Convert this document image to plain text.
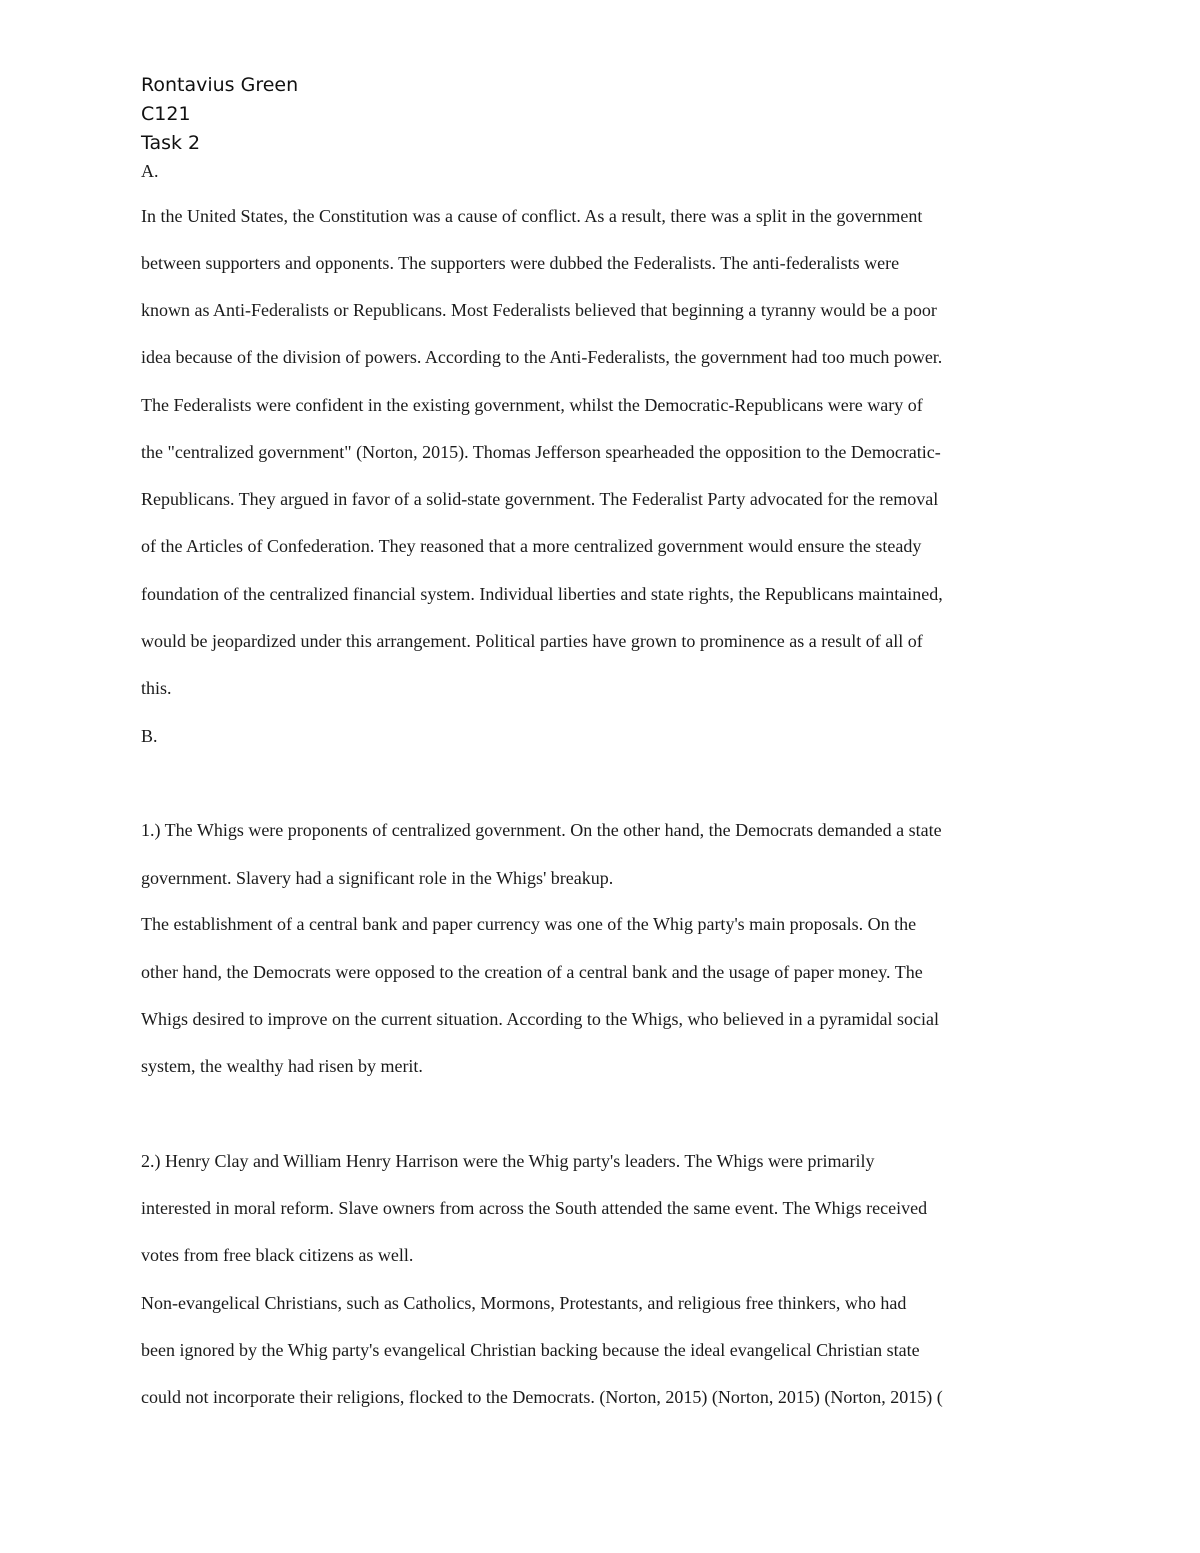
Rontavius Green
C121
Task 2
A.
In the United States, the Constitution was a cause of conflict. As a result, there was a split in the government
between supporters and opponents. The supporters were dubbed the Federalists. The anti-federalists were
known as Anti-Federalists or Republicans. Most Federalists believed that beginning a tyranny would be a poor
idea because of the division of powers. According to the Anti-Federalists, the government had too much power.
The Federalists were confident in the existing government, whilst the Democratic-Republicans were wary of
the "centralized government" (Norton, 2015). Thomas Jefferson spearheaded the opposition to the Democratic-
Republicans. They argued in favor of a solid-state government. The Federalist Party advocated for the removal
of the Articles of Confederation. They reasoned that a more centralized government would ensure the steady
foundation of the centralized financial system. Individual liberties and state rights, the Republicans maintained,
would be jeopardized under this arrangement. Political parties have grown to prominence as a result of all of
this.
B.
1.) The Whigs were proponents of centralized government. On the other hand, the Democrats demanded a state
government. Slavery had a significant role in the Whigs' breakup.
The establishment of a central bank and paper currency was one of the Whig party's main proposals. On the
other hand, the Democrats were opposed to the creation of a central bank and the usage of paper money. The
Whigs desired to improve on the current situation. According to the Whigs, who believed in a pyramidal social
system, the wealthy had risen by merit.
2.) Henry Clay and William Henry Harrison were the Whig party's leaders. The Whigs were primarily
interested in moral reform. Slave owners from across the South attended the same event. The Whigs received
votes from free black citizens as well.
Non-evangelical Christians, such as Catholics, Mormons, Protestants, and religious free thinkers, who had
been ignored by the Whig party's evangelical Christian backing because the ideal evangelical Christian state
could not incorporate their religions, flocked to the Democrats. (Norton, 2015) (Norton, 2015) (Norton, 2015) (
